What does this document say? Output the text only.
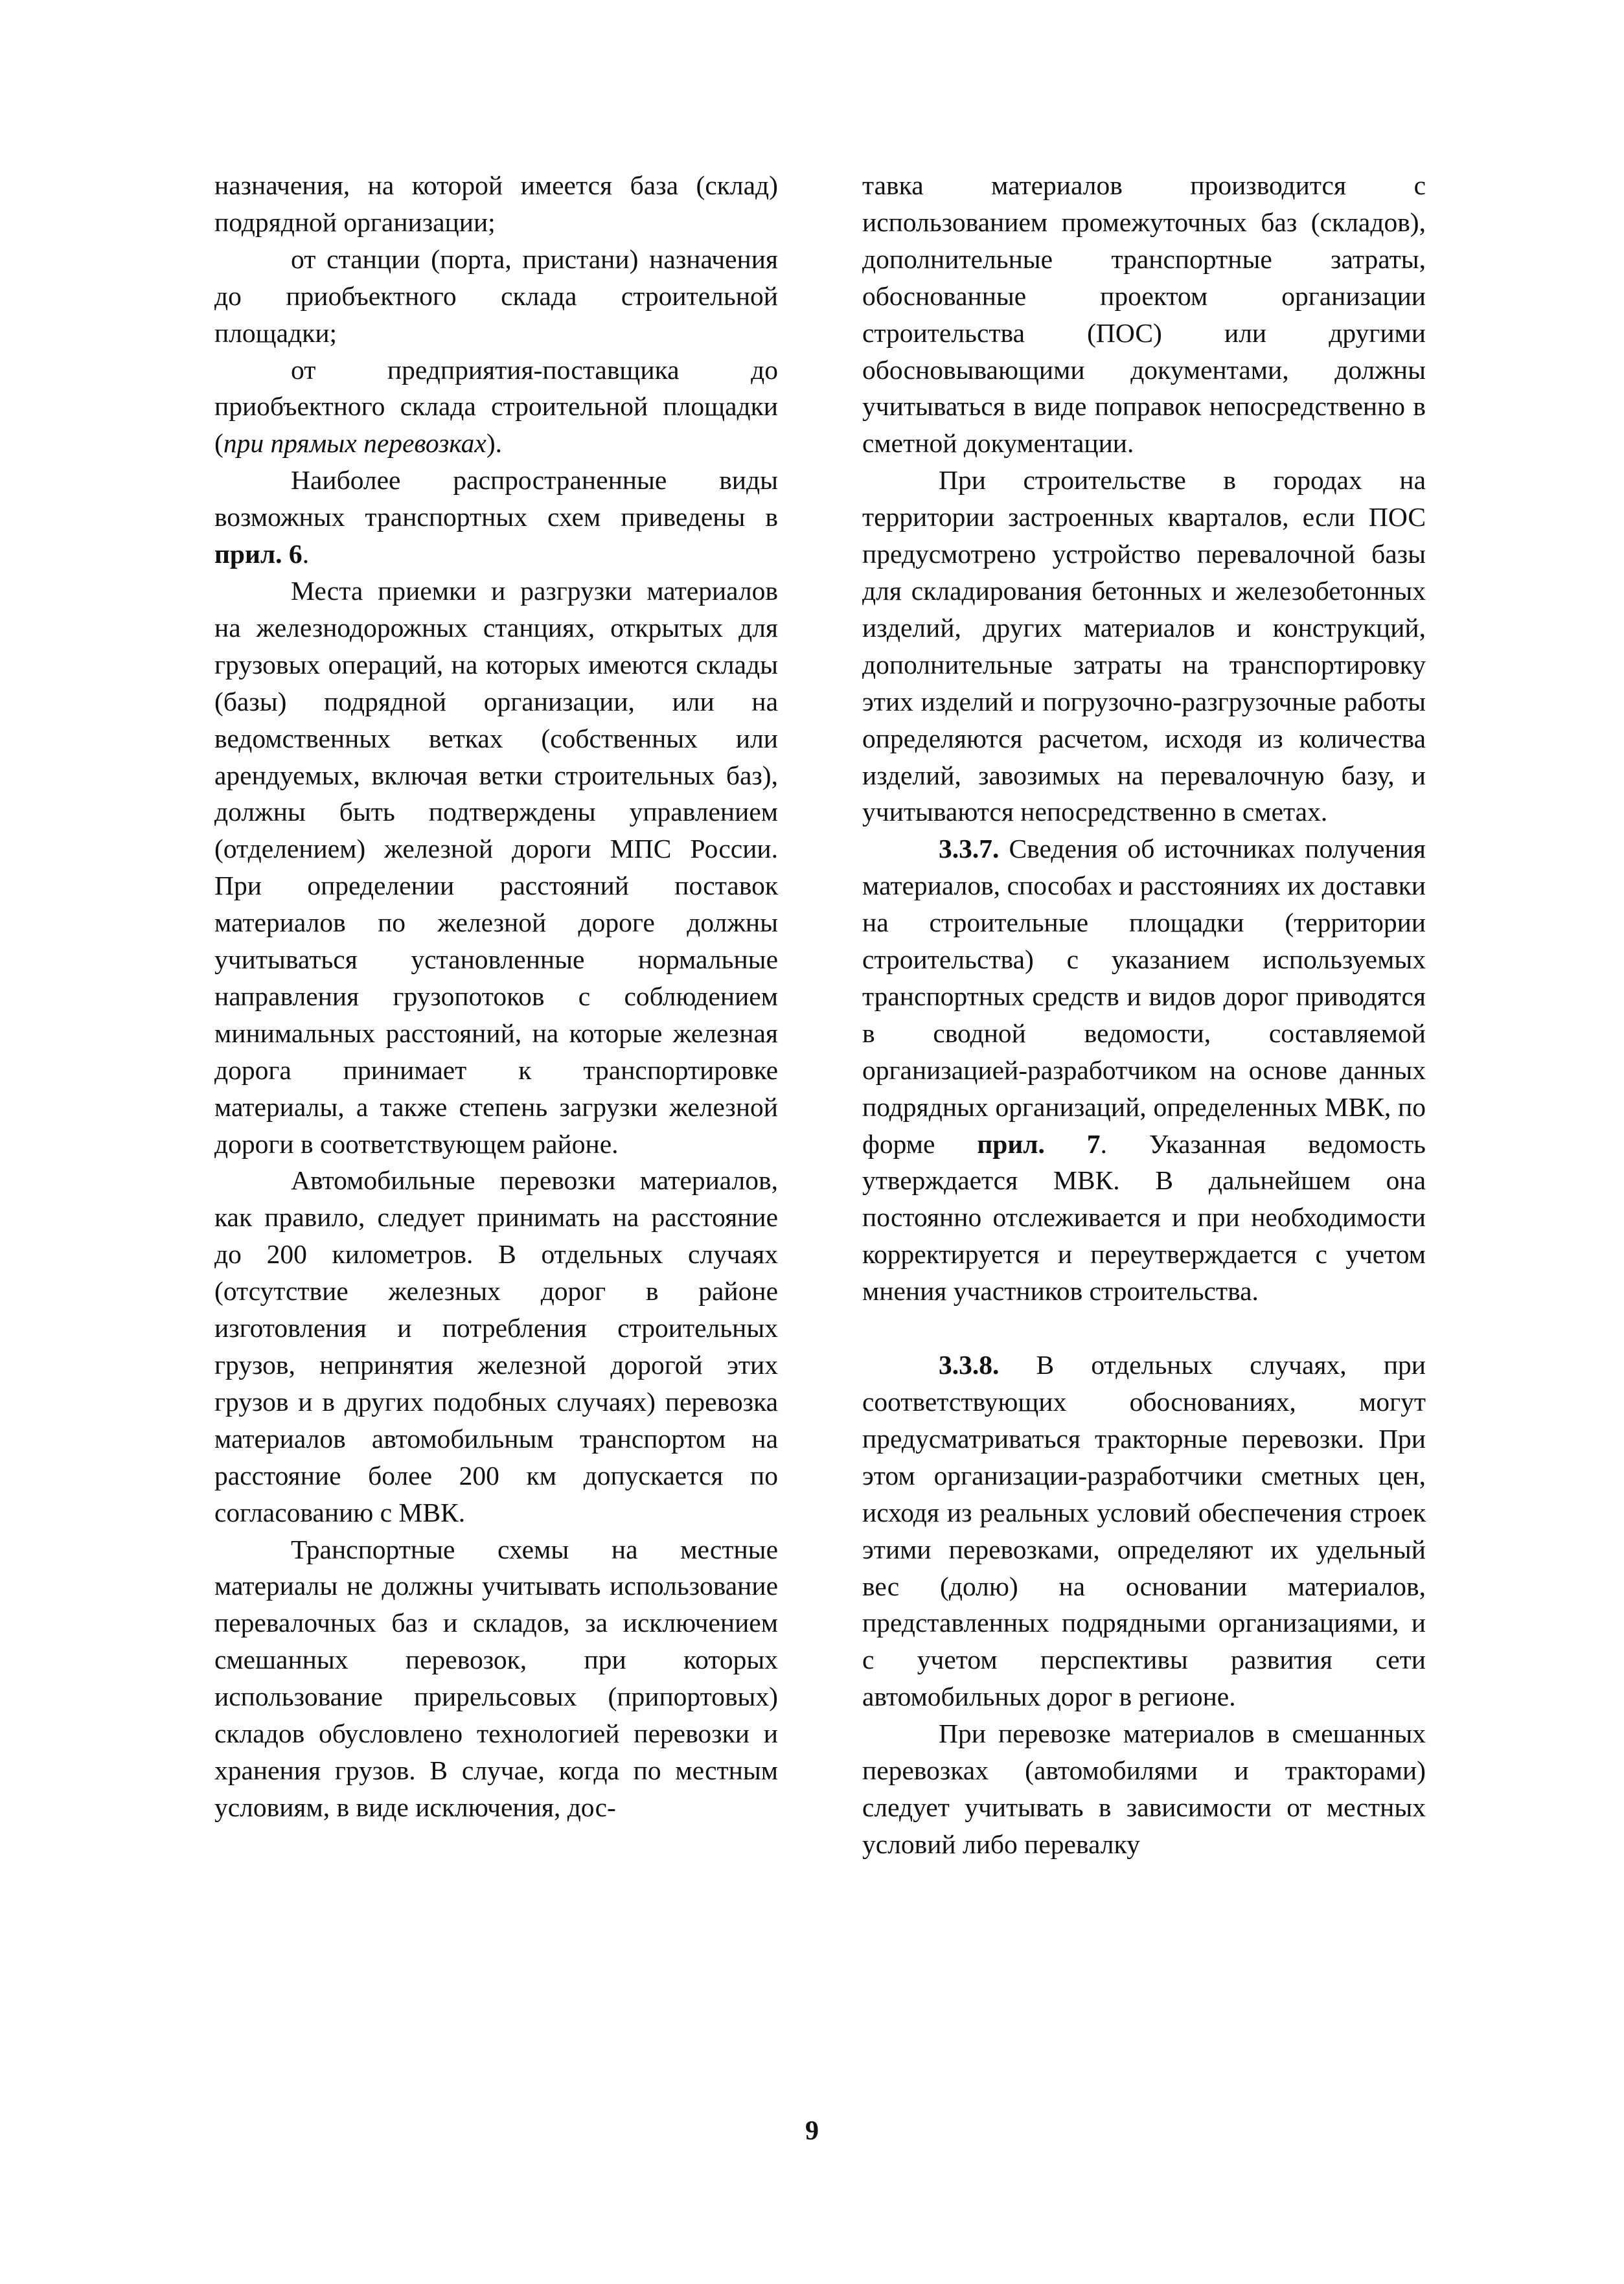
назначения, на которой имеется база (склад) подрядной организации;

от станции (порта, пристани) назначения до приобъектного склада строительной площадки;

от предприятия-поставщика до приобъектного склада строительной площадки (при прямых перевозках).

Наиболее распространенные виды возможных транспортных схем приведены в прил. 6.

Места приемки и разгрузки материалов на железнодорожных станциях, открытых для грузовых операций, на которых имеются склады (базы) подрядной организации, или на ведомственных ветках (собственных или арендуемых, включая ветки строительных баз), должны быть подтверждены управлением (отделением) железной дороги МПС России. При определении расстояний поставок материалов по железной дороге должны учитываться установленные нормальные направления грузопотоков с соблюдением минимальных расстояний, на которые железная дорога принимает к транспортировке материалы, а также степень загрузки железной дороги в соответствующем районе.

Автомобильные перевозки материалов, как правило, следует принимать на расстояние до 200 километров. В отдельных случаях (отсутствие железных дорог в районе изготовления и потребления строительных грузов, непринятия железной дорогой этих грузов и в других подобных случаях) перевозка материалов автомобильным транспортом на расстояние более 200 км допускается по согласованию с МВК.

Транспортные схемы на местные материалы не должны учитывать использование перевалочных баз и складов, за исключением смешанных перевозок, при которых использование прирельсовых (припортовых) складов обусловлено технологией перевозки и хранения грузов. В случае, когда по местным условиям, в виде исключения, дос-

тавка материалов производится с использованием промежуточных баз (складов), дополнительные транспортные затраты, обоснованные проектом организации строительства (ПОС) или другими обосновывающими документами, должны учитываться в виде поправок непосредственно в сметной документации.

При строительстве в городах на территории застроенных кварталов, если ПОС предусмотрено устройство перевалочной базы для складирования бетонных и железобетонных изделий, других материалов и конструкций, дополнительные затраты на транспортировку этих изделий и погрузочно-разгрузочные работы определяются расчетом, исходя из количества изделий, завозимых на перевалочную базу, и учитываются непосредственно в сметах.

3.3.7. Сведения об источниках получения материалов, способах и расстояниях их доставки на строительные площадки (территории строительства) с указанием используемых транспортных средств и видов дорог приводятся в сводной ведомости, составляемой организацией-разработчиком на основе данных подрядных организаций, определенных МВК, по форме прил. 7. Указанная ведомость утверждается МВК. В дальнейшем она постоянно отслеживается и при необходимости корректируется и переутверждается с учетом мнения участников строительства.

3.3.8. В отдельных случаях, при соответствующих обоснованиях, могут предусматриваться тракторные перевозки. При этом организации-разработчики сметных цен, исходя из реальных условий обеспечения строек этими перевозками, определяют их удельный вес (долю) на основании материалов, представленных подрядными организациями, и с учетом перспективы развития сети автомобильных дорог в регионе.

При перевозке материалов в смешанных перевозках (автомобилями и тракторами) следует учитывать в зависимости от местных условий либо перевалку

9
